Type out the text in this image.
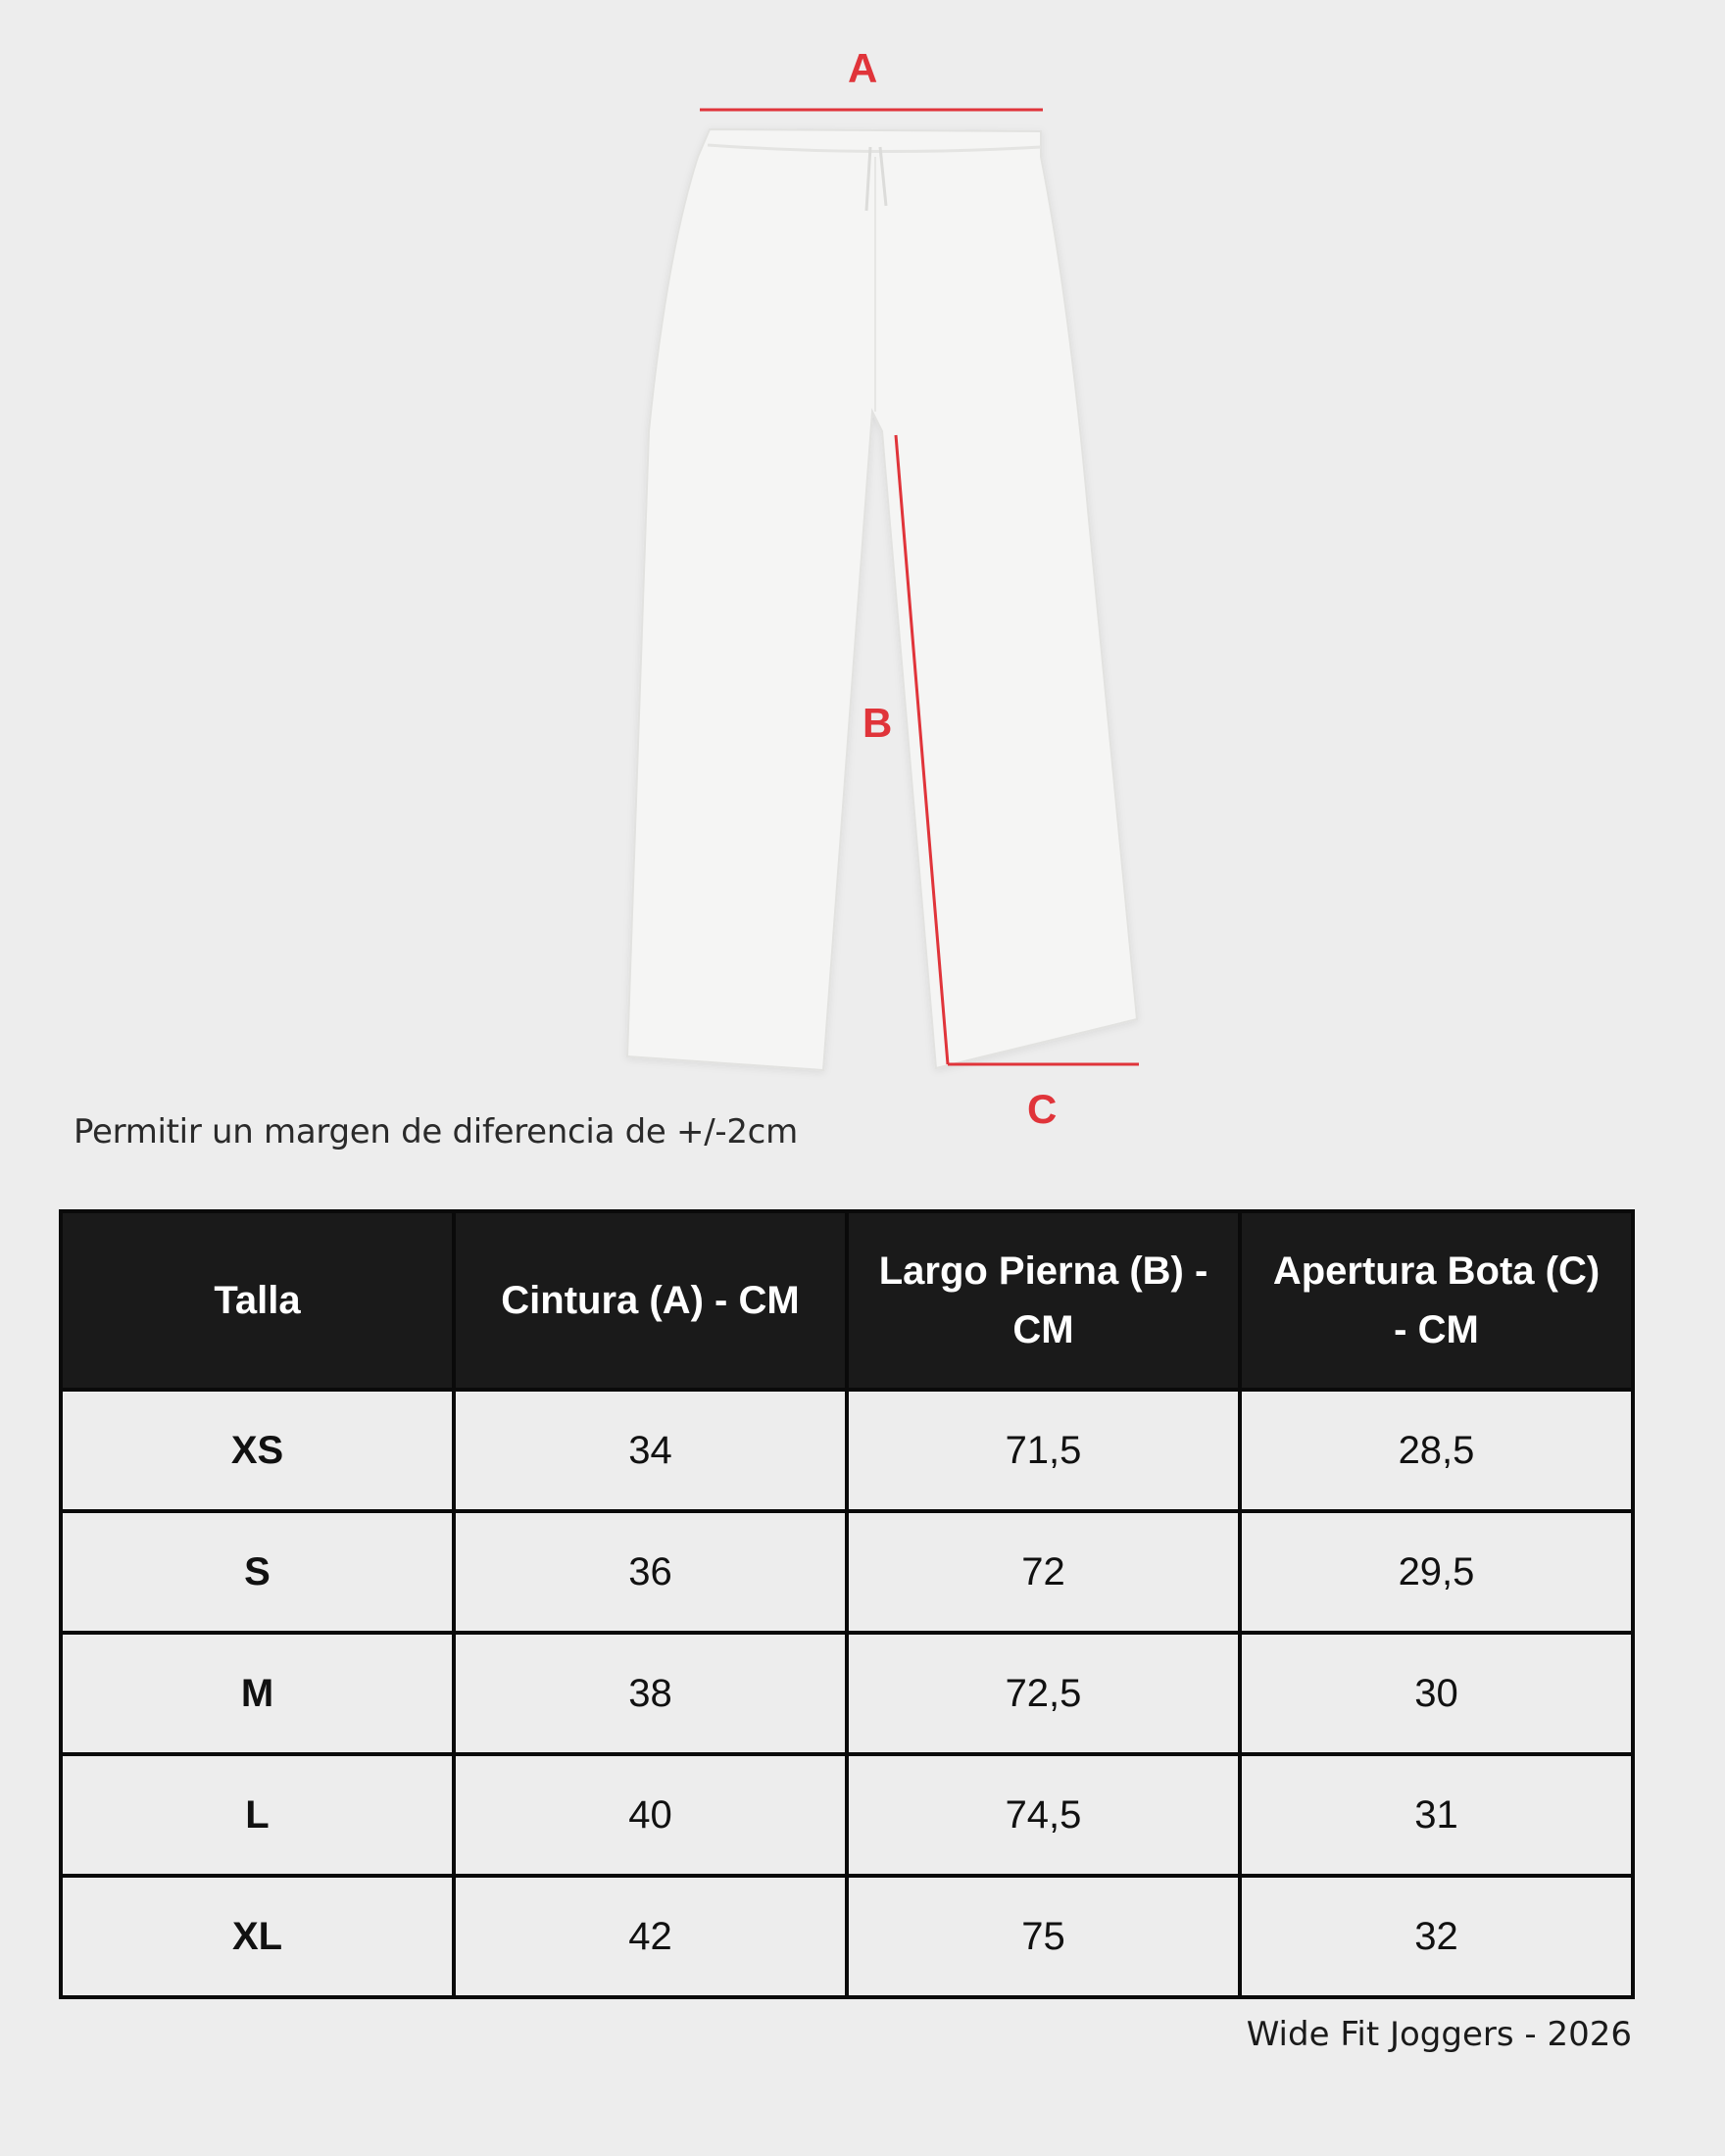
A
B
C
Permitir un margen de diferencia de +/-2cm
Talla	Cintura (A) - CM	Largo Pierna (B) - CM	Apertura Bota (C) - CM
XS	34	71,5	28,5
S	36	72	29,5
M	38	72,5	30
L	40	74,5	31
XL	42	75	32
Wide Fit Joggers - 2026
